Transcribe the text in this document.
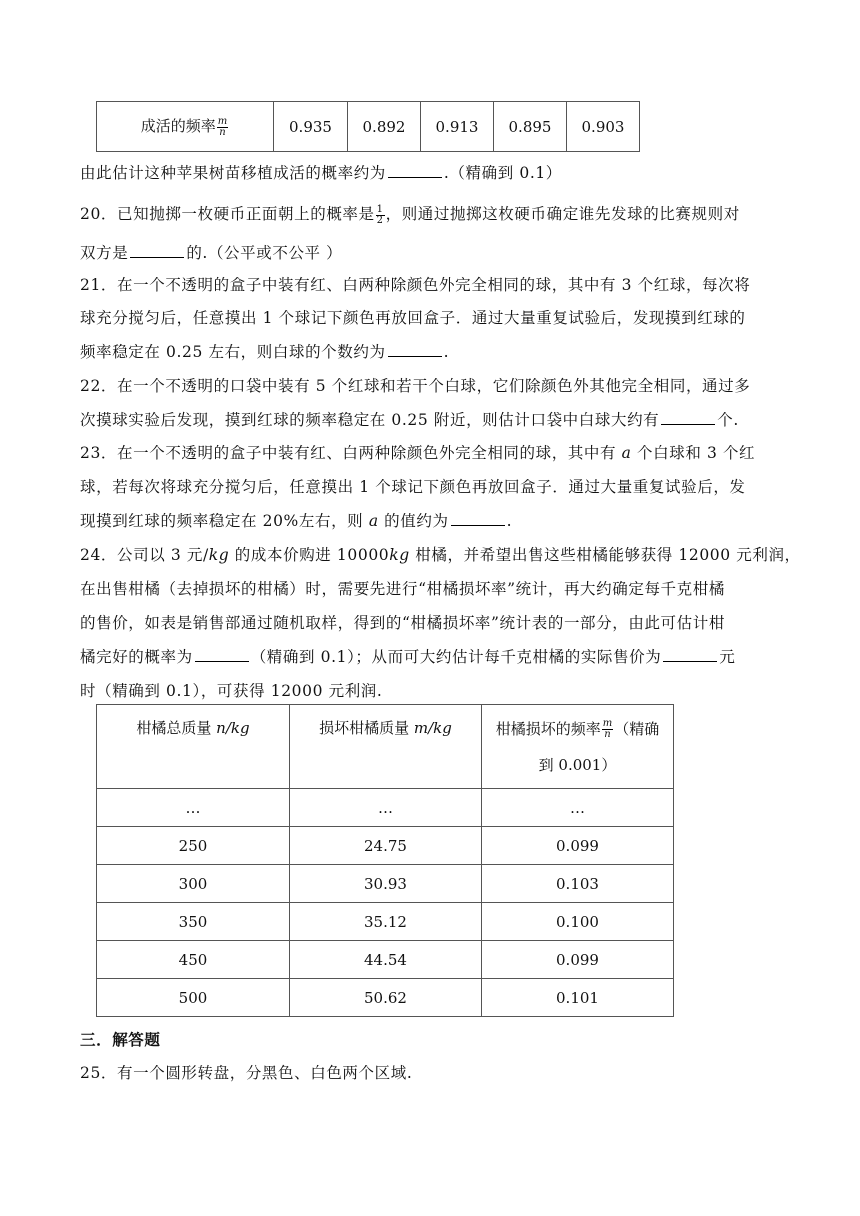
成活的频率 $\frac{m}{n}$	0.935	0.892	0.913	0.895	0.903
由此估计这种苹果树苗移植成活的概率约为	.（精确到 0.1）
20．已知抛掷一枚硬币正面朝上的概率是 $\frac{1}{2}$ ，则通过抛掷这枚硬币确定谁先发球的比赛规则对
双方是	的.（公平或不公平 ）
21．在一个不透明的盒子中装有红、白两种除颜色外完全相同的球，其中有 3 个红球，每次将
球充分搅匀后，任意摸出 1 个球记下颜色再放回盒子．通过大量重复试验后，发现摸到红球的
频率稳定在 0.25 左右，则白球的个数约为	.
22．在一个不透明的口袋中装有 5 个红球和若干个白球，它们除颜色外其他完全相同，通过多
次摸球实验后发现，摸到红球的频率稳定在 0.25 附近，则估计口袋中白球大约有	个.
23．在一个不透明的盒子中装有红、白两种除颜色外完全相同的球，其中有 a 个白球和 3 个红
球，若每次将球充分搅匀后，任意摸出 1 个球记下颜色再放回盒子．通过大量重复试验后，发
现摸到红球的频率稳定在 20%左右，则 a 的值约为	.
24．公司以 3 元/kg 的成本价购进 10000kg 柑橘，并希望出售这些柑橘能够获得 12000 元利润，
在出售柑橘（去掉损坏的柑橘）时，需要先进行“柑橘损坏率”统计，再大约确定每千克柑橘
的售价，如表是销售部通过随机取样，得到的“柑橘损坏率”统计表的一部分，由此可估计柑
橘完好的概率为	（精确到 0.1）；从而可大约估计每千克柑橘的实际售价为	元
时（精确到 0.1），可获得 12000 元利润.
柑橘总质量 n/kg	损坏柑橘质量 m/kg	柑橘损坏的频率 $\frac{m}{n}$ （精确
到 0.001）
…	…	…
250	24.75	0.099
300	30.93	0.103
350	35.12	0.100
450	44.54	0.099
500	50.62	0.101
三．解答题
25．有一个圆形转盘，分黑色、白色两个区域.
